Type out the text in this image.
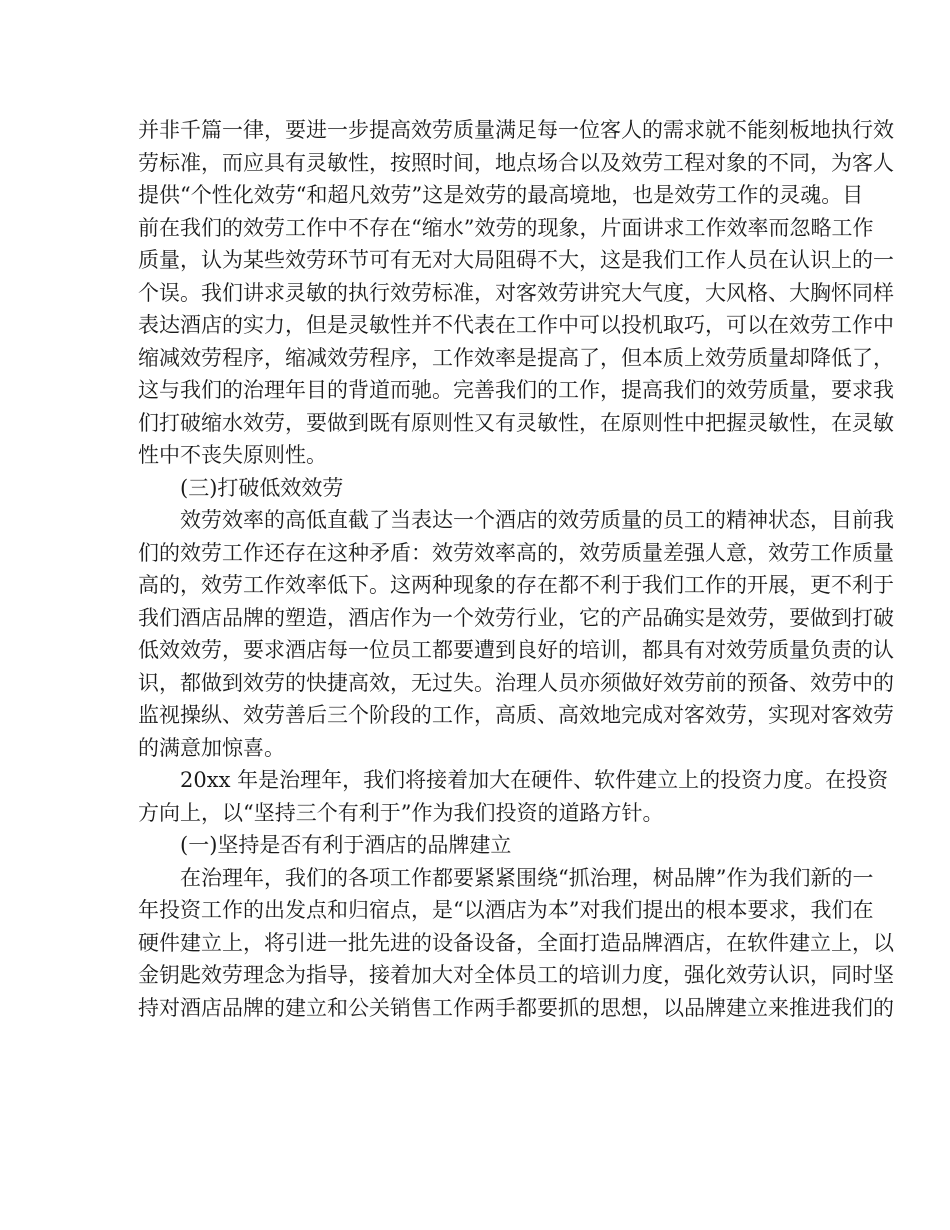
并非千篇一律，要进一步提高效劳质量满足每一位客人的需求就不能刻板地执行效
劳标准，而应具有灵敏性，按照时间，地点场合以及效劳工程对象的不同，为客人
提供“个性化效劳“和超凡效劳”这是效劳的最高境地，也是效劳工作的灵魂。目
前在我们的效劳工作中不存在“缩水”效劳的现象，片面讲求工作效率而忽略工作
质量，认为某些效劳环节可有无对大局阻碍不大，这是我们工作人员在认识上的一
个误。我们讲求灵敏的执行效劳标准，对客效劳讲究大气度，大风格、大胸怀同样
表达酒店的实力，但是灵敏性并不代表在工作中可以投机取巧，可以在效劳工作中
缩减效劳程序，缩减效劳程序，工作效率是提高了，但本质上效劳质量却降低了，
这与我们的治理年目的背道而驰。完善我们的工作，提高我们的效劳质量，要求我
们打破缩水效劳，要做到既有原则性又有灵敏性，在原则性中把握灵敏性，在灵敏
性中不丧失原则性。
(三)打破低效效劳
效劳效率的高低直截了当表达一个酒店的效劳质量的员工的精神状态，目前我
们的效劳工作还存在这种矛盾：效劳效率高的，效劳质量差强人意，效劳工作质量
高的，效劳工作效率低下。这两种现象的存在都不利于我们工作的开展，更不利于
我们酒店品牌的塑造，酒店作为一个效劳行业，它的产品确实是效劳，要做到打破
低效效劳，要求酒店每一位员工都要遭到良好的培训，都具有对效劳质量负责的认
识，都做到效劳的快捷高效，无过失。治理人员亦须做好效劳前的预备、效劳中的
监视操纵、效劳善后三个阶段的工作，高质、高效地完成对客效劳，实现对客效劳
的满意加惊喜。
20xx 年是治理年，我们将接着加大在硬件、软件建立上的投资力度。在投资
方向上，以“坚持三个有利于”作为我们投资的道路方针。
(一)坚持是否有利于酒店的品牌建立
在治理年，我们的各项工作都要紧紧围绕“抓治理，树品牌”作为我们新的一
年投资工作的出发点和归宿点，是“以酒店为本”对我们提出的根本要求，我们在
硬件建立上，将引进一批先进的设备设备，全面打造品牌酒店，在软件建立上，以
金钥匙效劳理念为指导，接着加大对全体员工的培训力度，强化效劳认识，同时坚
持对酒店品牌的建立和公关销售工作两手都要抓的思想，以品牌建立来推进我们的
